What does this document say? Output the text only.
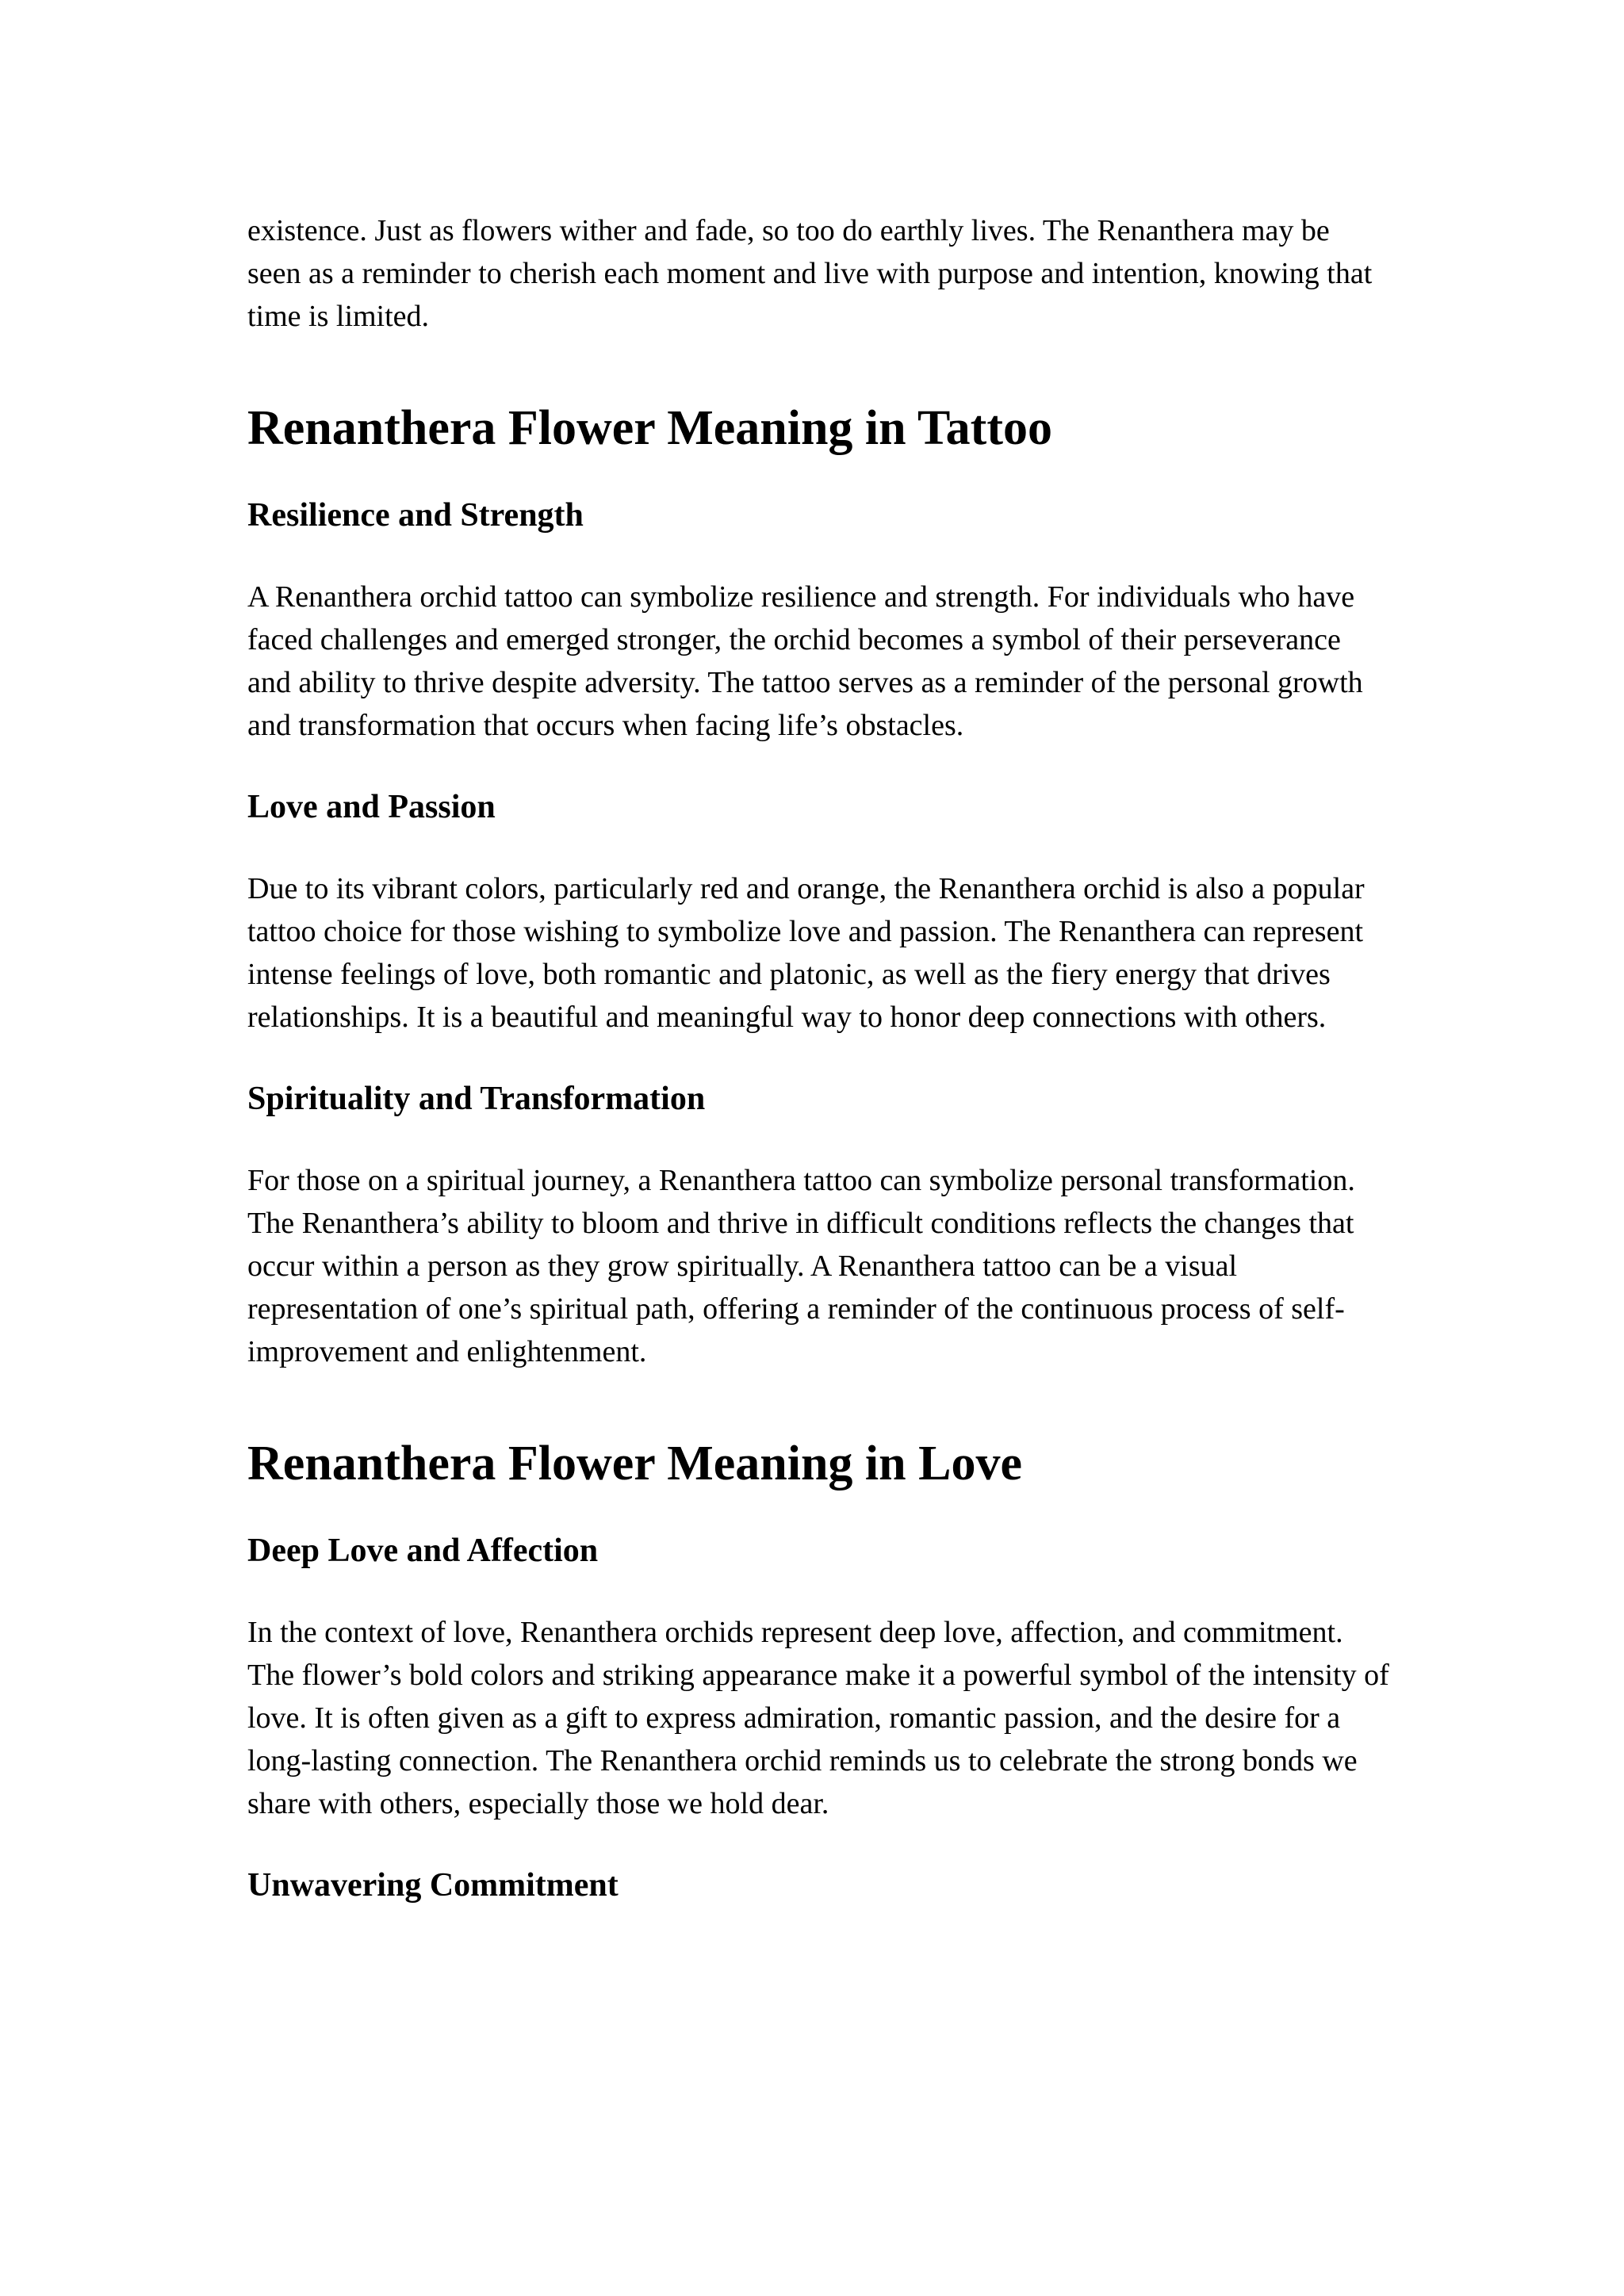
existence. Just as flowers wither and fade, so too do earthly lives. The Renanthera may be seen as a reminder to cherish each moment and live with purpose and intention, knowing that time is limited.

Renanthera Flower Meaning in Tattoo
Resilience and Strength

A Renanthera orchid tattoo can symbolize resilience and strength. For individuals who have faced challenges and emerged stronger, the orchid becomes a symbol of their perseverance and ability to thrive despite adversity. The tattoo serves as a reminder of the personal growth and transformation that occurs when facing life’s obstacles.

Love and Passion

Due to its vibrant colors, particularly red and orange, the Renanthera orchid is also a popular tattoo choice for those wishing to symbolize love and passion. The Renanthera can represent intense feelings of love, both romantic and platonic, as well as the fiery energy that drives relationships. It is a beautiful and meaningful way to honor deep connections with others.

Spirituality and Transformation

For those on a spiritual journey, a Renanthera tattoo can symbolize personal transformation. The Renanthera’s ability to bloom and thrive in difficult conditions reflects the changes that occur within a person as they grow spiritually. A Renanthera tattoo can be a visual representation of one’s spiritual path, offering a reminder of the continuous process of self-improvement and enlightenment.

Renanthera Flower Meaning in Love
Deep Love and Affection

In the context of love, Renanthera orchids represent deep love, affection, and commitment. The flower’s bold colors and striking appearance make it a powerful symbol of the intensity of love. It is often given as a gift to express admiration, romantic passion, and the desire for a long-lasting connection. The Renanthera orchid reminds us to celebrate the strong bonds we share with others, especially those we hold dear.

Unwavering Commitment
